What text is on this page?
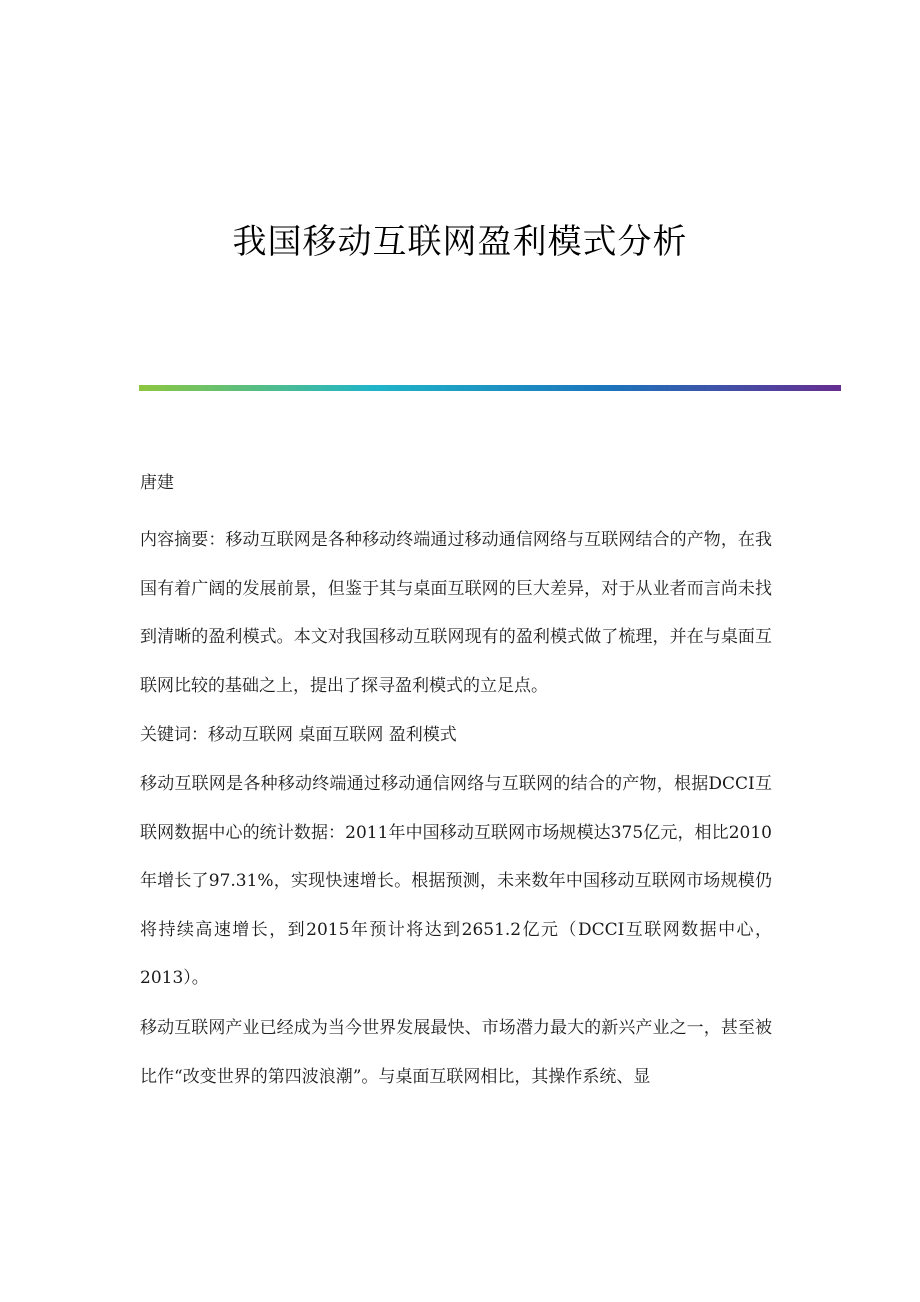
我国移动互联网盈利模式分析
唐建

内容摘要：移动互联网是各种移动终端通过移动通信网络与互联网结合的产物，在我国有着广阔的发展前景，但鉴于其与桌面互联网的巨大差异，对于从业者而言尚未找到清晰的盈利模式。本文对我国移动互联网现有的盈利模式做了梳理，并在与桌面互联网比较的基础之上，提出了探寻盈利模式的立足点。

关键词：移动互联网 桌面互联网 盈利模式

移动互联网是各种移动终端通过移动通信网络与互联网的结合的产物，根据DCCI互联网数据中心的统计数据：2011年中国移动互联网市场规模达375亿元，相比2010年增长了97.31%，实现快速增长。根据预测，未来数年中国移动互联网市场规模仍将持续高速增长，到2015年预计将达到2651.2亿元（DCCI互联网数据中心，2013）。

移动互联网产业已经成为当今世界发展最快、市场潜力最大的新兴产业之一，甚至被比作“改变世界的第四波浪潮”。与桌面互联网相比，其操作系统、显
